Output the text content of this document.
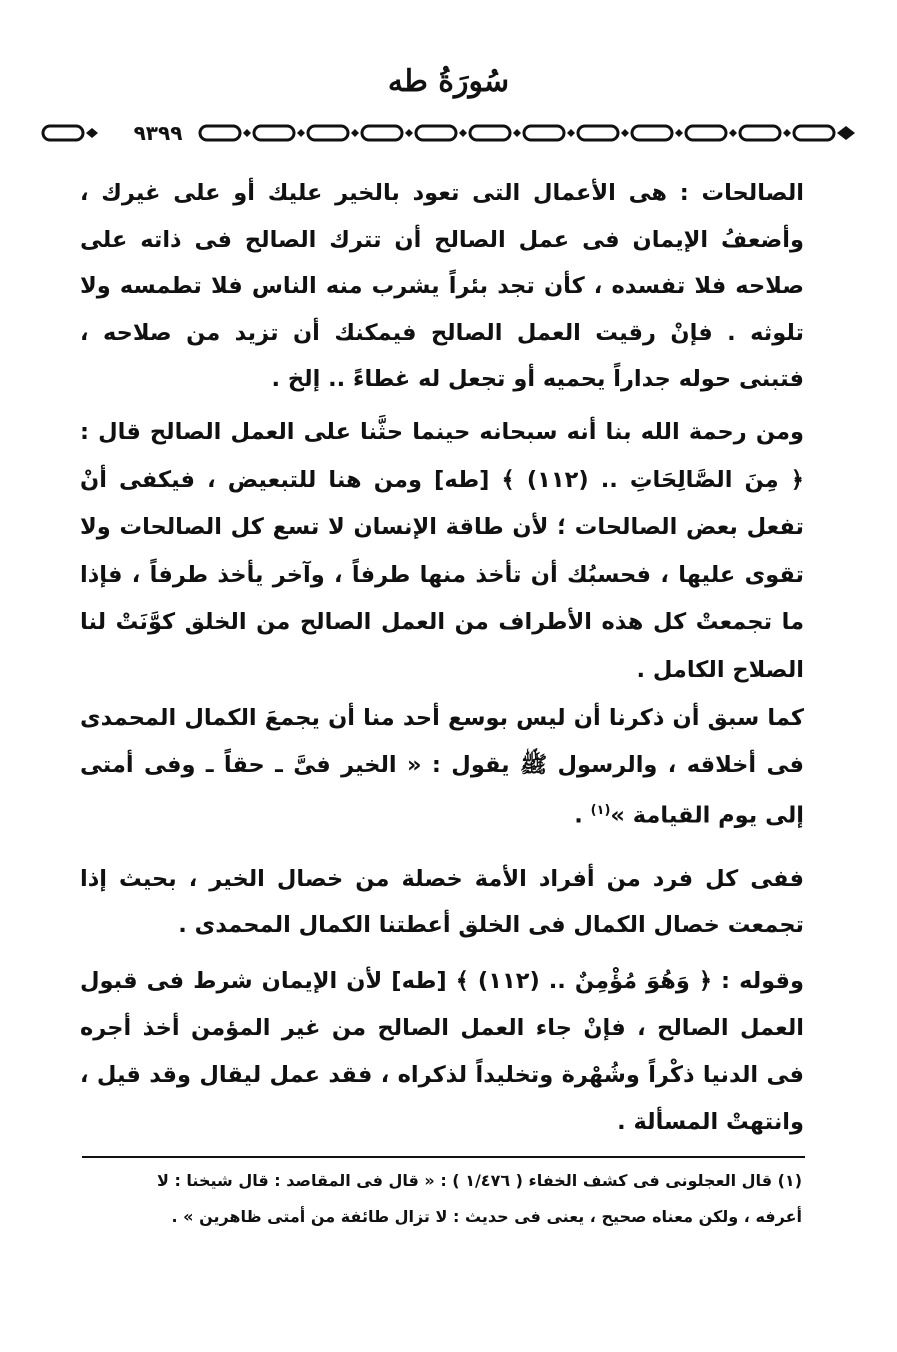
سُورَةُ طه
٩٣٩٩

الصالحات : هى الأعمال التى تعود بالخير عليك أو على غيرك ، وأضعفُ الإيمان فى عمل الصالح أن تترك الصالح فى ذاته على صلاحه فلا تفسده ، كأن تجد بئراً يشرب منه الناس فلا تطمسه ولا تلوثه . فإنْ رقيت العمل الصالح فيمكنك أن تزيد من صلاحه ، فتبنى حوله جداراً يحميه أو تجعل له غطاءً .. إلخ .

ومن رحمة الله بنا أنه سبحانه حينما حثَّنا على العمل الصالح قال : ﴿ مِنَ الصَّالِحَاتِ .. (١١٢) ﴾ [طه] ومن هنا للتبعيض ، فيكفى أنْ تفعل بعض الصالحات ؛ لأن طاقة الإنسان لا تسع كل الصالحات ولا تقوى عليها ، فحسبُك أن تأخذ منها طرفاً ، وآخر يأخذ طرفاً ، فإذا ما تجمعتْ كل هذه الأطراف من العمل الصالح من الخلق كوَّنَتْ لنا الصلاح الكامل .

كما سبق أن ذكرنا أن ليس بوسع أحد منا أن يجمعَ الكمال المحمدى فى أخلاقه ، والرسول ﷺ يقول : « الخير فىَّ ـ حقاً ـ وفى أمتى إلى يوم القيامة »$^{(١)}$ .

ففى كل فرد من أفراد الأمة خصلة من خصال الخير ، بحيث إذا تجمعت خصال الكمال فى الخلق أعطتنا الكمال المحمدى .

وقوله : ﴿ وَهُوَ مُؤْمِنٌ .. (١١٢) ﴾ [طه] لأن الإيمان شرط فى قبول العمل الصالح ، فإنْ جاء العمل الصالح من غير المؤمن أخذ أجره فى الدنيا ذكْراً وشُهْرة وتخليداً لذكراه ، فقد عمل ليقال وقد قيل ، وانتهتْ المسألة .

(١) قال العجلونى فى كشف الخفاء ( ١/٤٧٦ ) : « قال فى المقاصد : قال شيخنا : لا
أعرفه ، ولكن معناه صحيح ، يعنى فى حديث : لا تزال طائفة من أمتى ظاهرين » .
